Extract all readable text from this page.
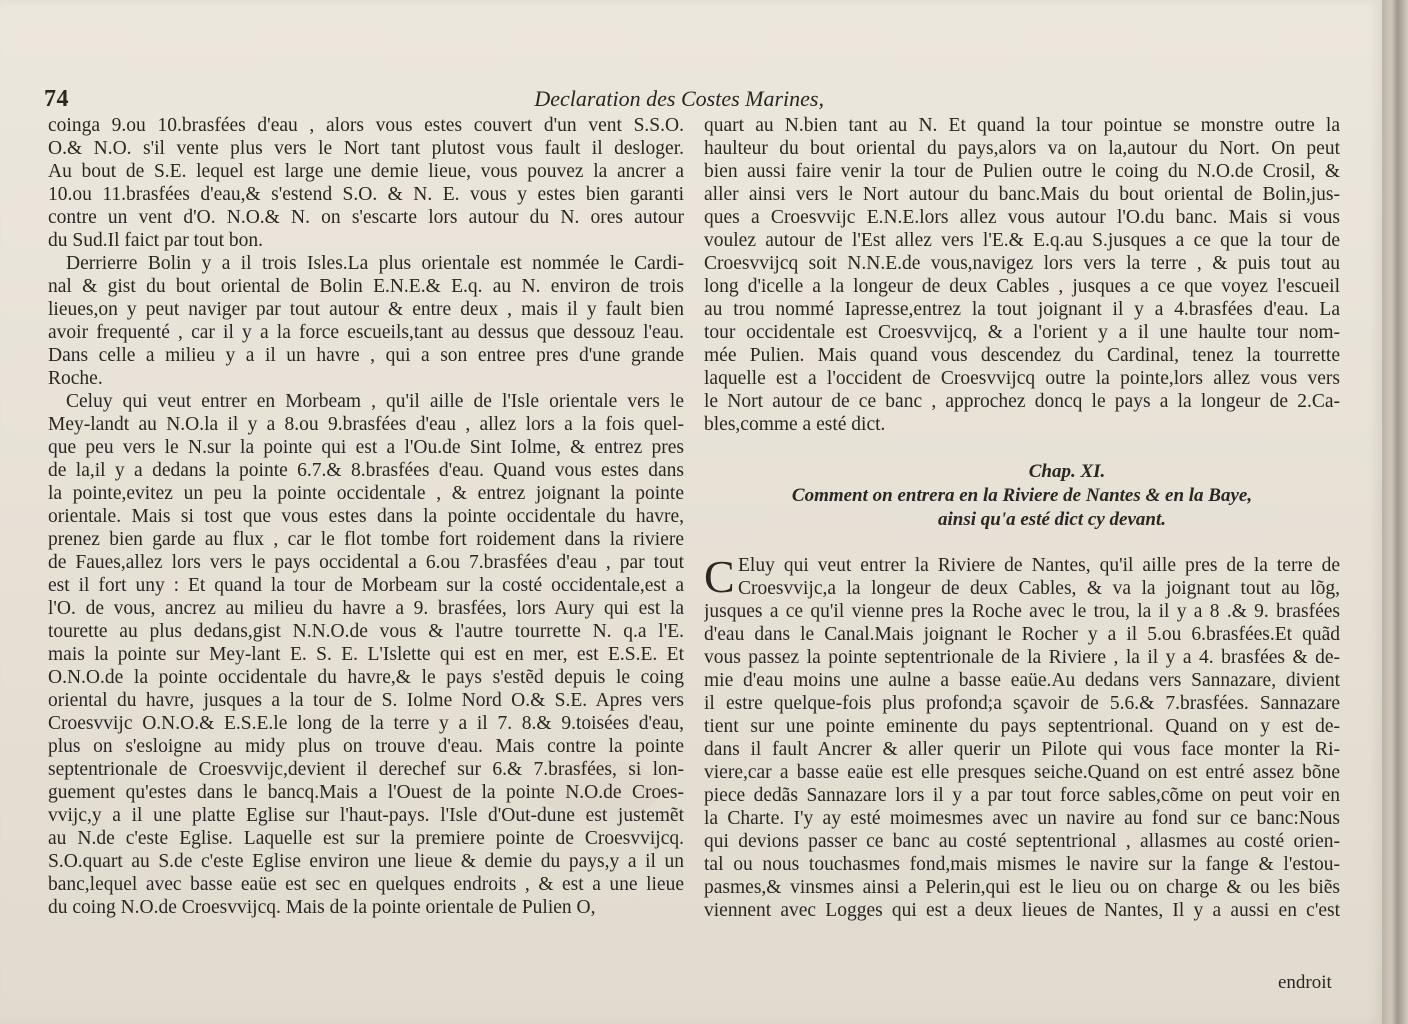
74	Declaration des Costes Marines,
coinga 9.ou 10.brasfées d'eau , alors vous estes couvert d'un vent S.S.O.
O.& N.O. s'il vente plus vers le Nort tant plutost vous fault il desloger.
Au bout de S.E. lequel est large une demie lieue, vous pouvez la ancrer a
10.ou 11.brasfées d'eau,& s'estend S.O. & N. E. vous y estes bien garanti
contre un vent d'O. N.O.& N. on s'escarte lors autour du N. ores autour
du Sud.Il faict par tout bon.
Derrierre Bolin y a il trois Isles.La plus orientale est nommée le Cardi-
nal & gist du bout oriental de Bolin E.N.E.& E.q. au N. environ de trois
lieues,on y peut naviger par tout autour & entre deux , mais il y fault bien
avoir frequenté , car il y a la force escueils,tant au dessus que dessouz l'eau.
Dans celle a milieu y a il un havre , qui a son entree pres d'une grande
Roche.
Celuy qui veut entrer en Morbeam , qu'il aille de l'Isle orientale vers le
Mey-landt au N.O.la il y a 8.ou 9.brasfées d'eau , allez lors a la fois quel-
que peu vers le N.sur la pointe qui est a l'Ou.de Sint Iolme, & entrez pres
de la,il y a dedans la pointe 6.7.& 8.brasfées d'eau. Quand vous estes dans
la pointe,evitez un peu la pointe occidentale , & entrez joignant la pointe
orientale. Mais si tost que vous estes dans la pointe occidentale du havre,
prenez bien garde au flux , car le flot tombe fort roidement dans la riviere
de Faues,allez lors vers le pays occidental a 6.ou 7.brasfées d'eau , par tout
est il fort uny : Et quand la tour de Morbeam sur la costé occidentale,est a
l'O. de vous, ancrez au milieu du havre a 9. brasfées, lors Aury qui est la
tourette au plus dedans,gist N.N.O.de vous & l'autre tourrette N. q.a l'E.
mais la pointe sur Mey-lant E. S. E. L'Islette qui est en mer, est E.S.E. Et
O.N.O.de la pointe occidentale du havre,& le pays s'estẽd depuis le coing
oriental du havre, jusques a la tour de S. Iolme Nord O.& S.E. Apres vers
Croesvvijc O.N.O.& E.S.E.le long de la terre y a il 7. 8.& 9.toisées d'eau,
plus on s'esloigne au midy plus on trouve d'eau. Mais contre la pointe
septentrionale de Croesvvijc,devient il derechef sur 6.& 7.brasfées, si lon-
guement qu'estes dans le bancq.Mais a l'Ouest de la pointe N.O.de Croes-
vvijc,y a il une platte Eglise sur l'haut-pays. l'Isle d'Out-dune est justemẽt
au N.de c'este Eglise. Laquelle est sur la premiere pointe de Croesvvijcq.
S.O.quart au S.de c'este Eglise environ une lieue & demie du pays,y a il un
banc,lequel avec basse eaüe est sec en quelques endroits , & est a une lieue
du coing N.O.de Croesvvijcq. Mais de la pointe orientale de Pulien O,
quart au N.bien tant au N. Et quand la tour pointue se monstre outre la
haulteur du bout oriental du pays,alors va on la,autour du Nort. On peut
bien aussi faire venir la tour de Pulien outre le coing du N.O.de Crosil, &
aller ainsi vers le Nort autour du banc.Mais du bout oriental de Bolin,jus-
ques a Croesvvijc E.N.E.lors allez vous autour l'O.du banc. Mais si vous
voulez autour de l'Est allez vers l'E.& E.q.au S.jusques a ce que la tour de
Croesvvijcq soit N.N.E.de vous,navigez lors vers la terre , & puis tout au
long d'icelle a la longeur de deux Cables , jusques a ce que voyez l'escueil
au trou nommé Iapresse,entrez la tout joignant il y a 4.brasfées d'eau. La
tour occidentale est Croesvvijcq, & a l'orient y a il une haulte tour nom-
mée Pulien. Mais quand vous descendez du Cardinal, tenez la tourrette
laquelle est a l'occident de Croesvvijcq outre la pointe,lors allez vous vers
le Nort autour de ce banc , approchez doncq le pays a la longeur de 2.Ca-
bles,comme a esté dict.
Chap. XI.
Comment on entrera en la Riviere de Nantes & en la Baye,
ainsi qu'a esté dict cy devant.
C Eluy qui veut entrer la Riviere de Nantes, qu'il aille pres de la terre de
Croesvvijc,a la longeur de deux Cables, & va la joignant tout au lõg,
jusques a ce qu'il vienne pres la Roche avec le trou, la il y a 8 .& 9. brasfées
d'eau dans le Canal.Mais joignant le Rocher y a il 5.ou 6.brasfées.Et quãd
vous passez la pointe septentrionale de la Riviere , la il y a 4. brasfées & de-
mie d'eau moins une aulne a basse eaüe.Au dedans vers Sannazare, divient
il estre quelque-fois plus profond;a sçavoir de 5.6.& 7.brasfées. Sannazare
tient sur une pointe eminente du pays septentrional. Quand on y est de-
dans il fault Ancrer & aller querir un Pilote qui vous face monter la Ri-
viere,car a basse eaüe est elle presques seiche.Quand on est entré assez bõne
piece dedãs Sannazare lors il y a par tout force sables,cõme on peut voir en
la Charte. I'y ay esté moimesmes avec un navire au fond sur ce banc:Nous
qui devions passer ce banc au costé septentrional , allasmes au costé orien-
tal ou nous touchasmes fond,mais mismes le navire sur la fange & l'estou-
pasmes,& vinsmes ainsi a Pelerin,qui est le lieu ou on charge & ou les biẽs
viennent avec Logges qui est a deux lieues de Nantes, Il y a aussi en c'est
endroit
